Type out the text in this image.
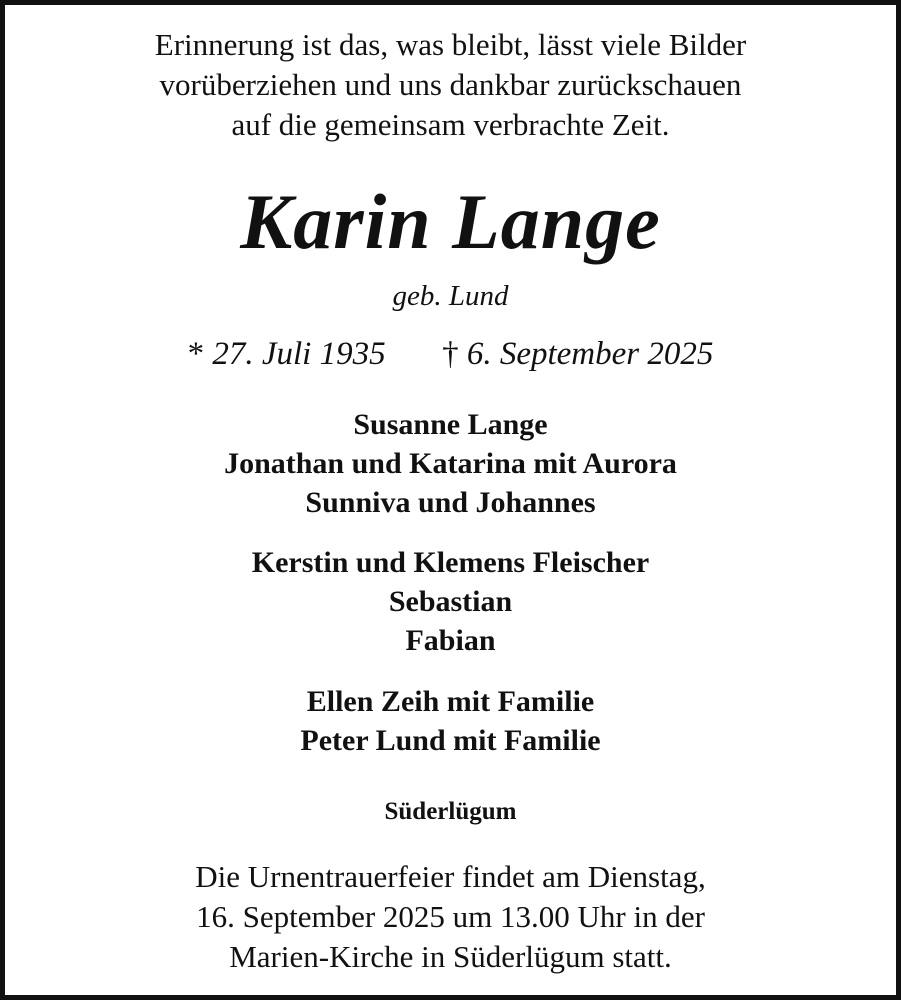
Erinnerung ist das, was bleibt, lässt viele Bilder
vorüberziehen und uns dankbar zurückschauen
auf die gemeinsam verbrachte Zeit.
Karin Lange
geb. Lund
* 27. Juli 1935 † 6. September 2025
Susanne Lange
Jonathan und Katarina mit Aurora
Sunniva und Johannes
Kerstin und Klemens Fleischer
Sebastian
Fabian
Ellen Zeih mit Familie
Peter Lund mit Familie
Süderlügum
Die Urnentrauerfeier findet am Dienstag,
16. September 2025 um 13.00 Uhr in der
Marien-Kirche in Süderlügum statt.
